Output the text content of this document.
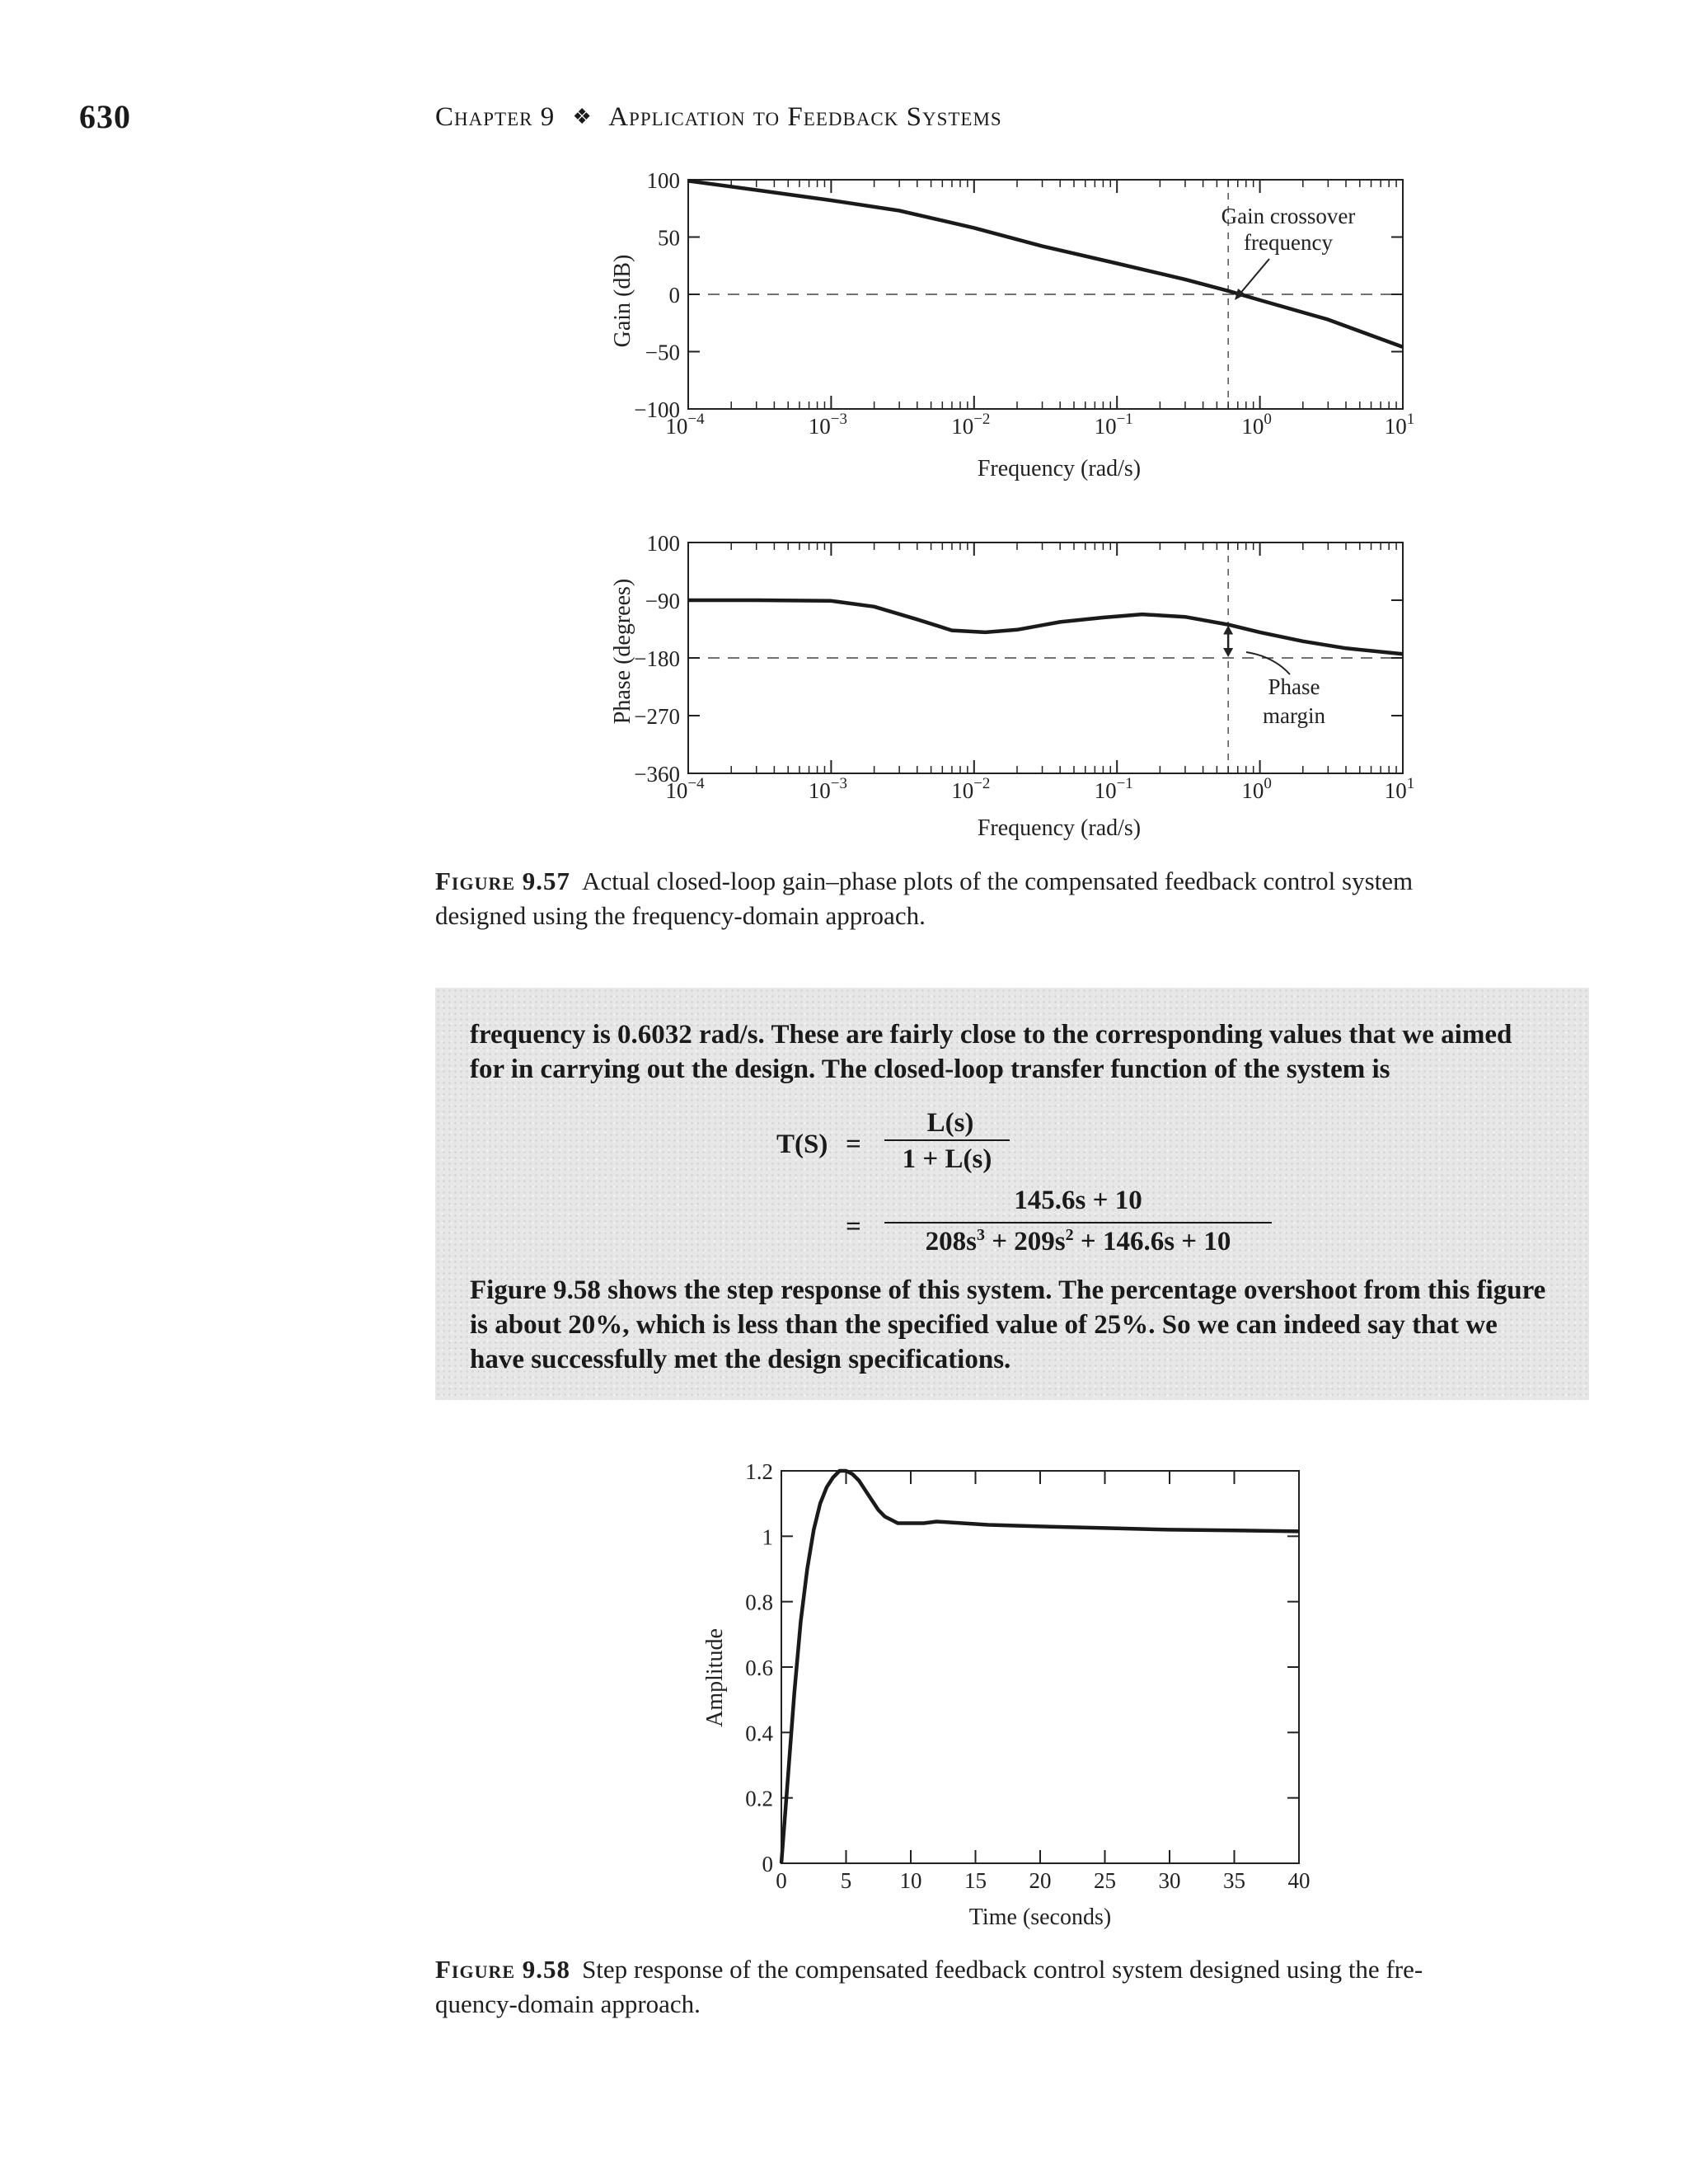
630	Chapter 9 ❖ Application to Feedback Systems
100
50
0
−50
−100
$10^{-4}$	$10^{-3}$	$10^{-2}$	$10^{-1}$	$10^0$	$10^1$
Gain (dB)
Frequency (rad/s)
Gain crossover
frequency
100
−90
−180
−270
−360
$10^{-4}$	$10^{-3}$	$10^{-2}$	$10^{-1}$	$10^0$	$10^1$
Phase (degrees)
Frequency (rad/s)
Phase
margin
Figure 9.57 Actual closed-loop gain–phase plots of the compensated feedback control system
designed using the frequency-domain approach.
frequency is 0.6032 rad/s. These are fairly close to the corresponding values that we aimed
for in carrying out the design. The closed-loop transfer function of the system is
T(S) =
L(s)
1 + L(s)
=
145.6s + 10
$208s^3 + 209s^2 + 146.6s + 10$
Figure 9.58 shows the step response of this system. The percentage overshoot from this figure
is about 20%, which is less than the specified value of 25%. So we can indeed say that we
have successfully met the design specifications.
0
0.2
0.4
0.6
0.8
1
1.2
0 5 10 15 20 25 30 35 40
Amplitude
Time (seconds)
Figure 9.58 Step response of the compensated feedback control system designed using the fre-
quency-domain approach.
